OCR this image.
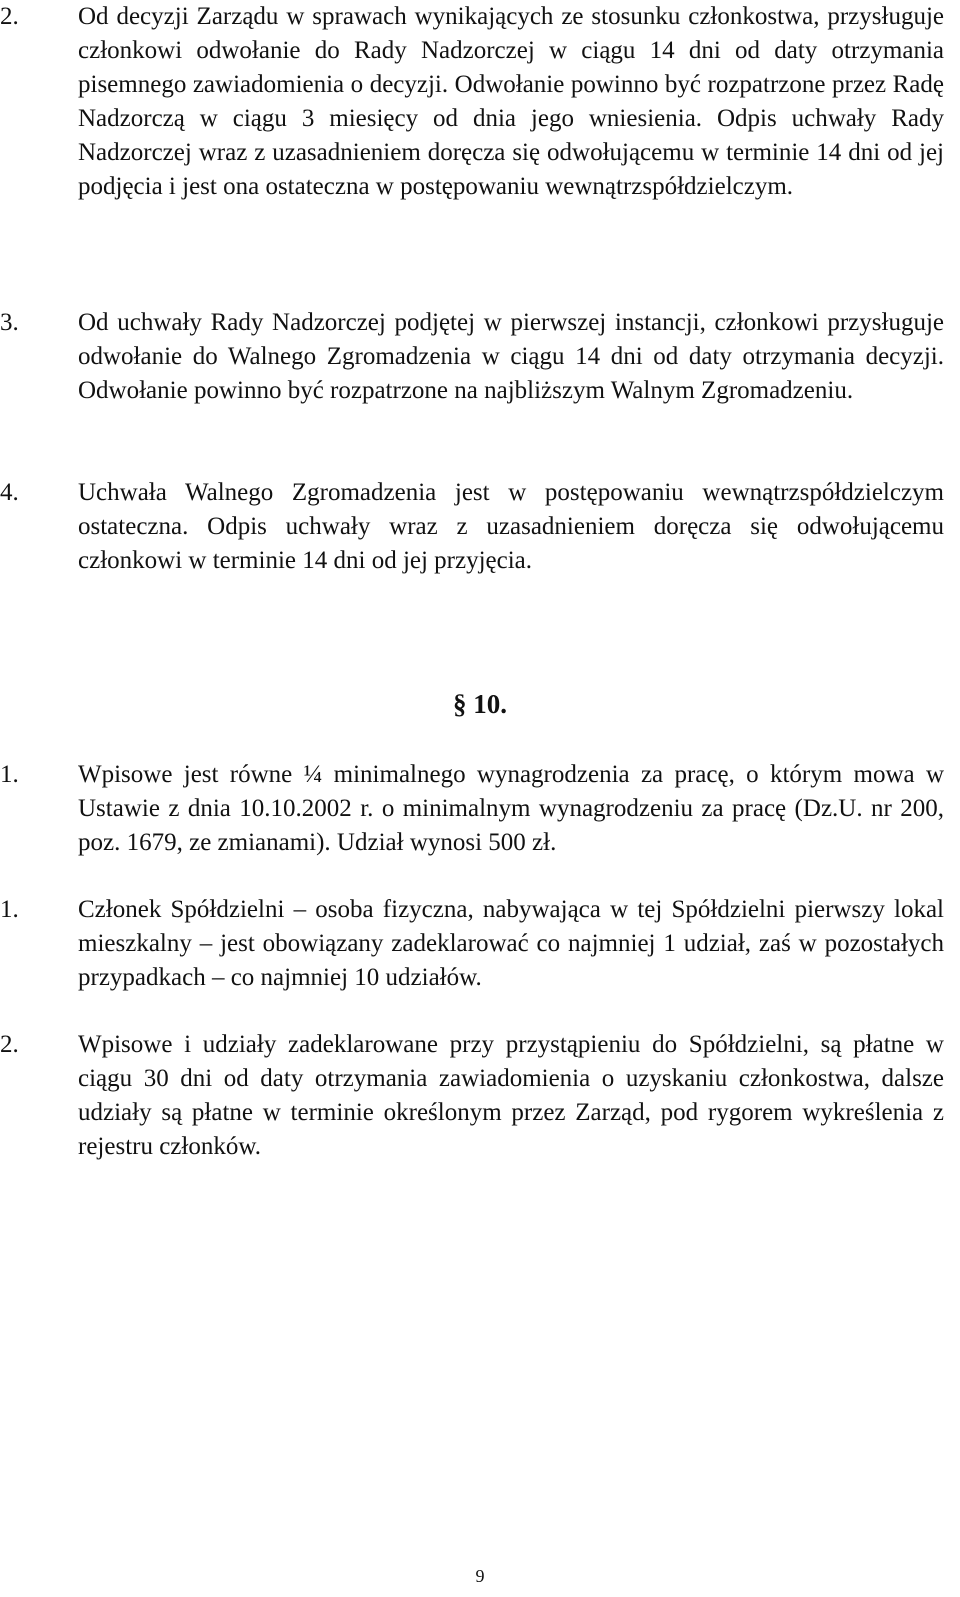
2. Od decyzji Zarządu w sprawach wynikających ze stosunku członkostwa, przysługuje członkowi odwołanie do Rady Nadzorczej w ciągu 14 dni od daty otrzymania pisemnego zawiadomienia o decyzji. Odwołanie powinno być rozpatrzone przez Radę Nadzorczą w ciągu 3 miesięcy od dnia jego wniesienia. Odpis uchwały Rady Nadzorczej wraz z uzasadnieniem doręcza się odwołującemu w terminie 14 dni od jej podjęcia i jest ona ostateczna w postępowaniu wewnątrzspółdzielczym.
3. Od uchwały Rady Nadzorczej podjętej w pierwszej instancji, członkowi przysługuje odwołanie do Walnego Zgromadzenia w ciągu 14 dni od daty otrzymania decyzji. Odwołanie powinno być rozpatrzone na najbliższym Walnym Zgromadzeniu.
4. Uchwała Walnego Zgromadzenia jest w postępowaniu wewnątrzspółdzielczym ostateczna. Odpis uchwały wraz z uzasadnieniem doręcza się odwołującemu członkowi w terminie 14 dni od jej przyjęcia.
§ 10.
1. Wpisowe jest równe ¼ minimalnego wynagrodzenia za pracę, o którym mowa w Ustawie z dnia 10.10.2002 r. o minimalnym wynagrodzeniu za pracę (Dz.U. nr 200, poz. 1679, ze zmianami). Udział wynosi 500 zł.
1. Członek Spółdzielni – osoba fizyczna, nabywająca w tej Spółdzielni pierwszy lokal mieszkalny – jest obowiązany zadeklarować co najmniej 1 udział, zaś w pozostałych przypadkach – co najmniej 10 udziałów.
2. Wpisowe i udziały zadeklarowane przy przystąpieniu do Spółdzielni, są płatne w ciągu 30 dni od daty otrzymania zawiadomienia o uzyskaniu członkostwa, dalsze udziały są płatne w terminie określonym przez Zarząd, pod rygorem wykreślenia z rejestru członków.
9
